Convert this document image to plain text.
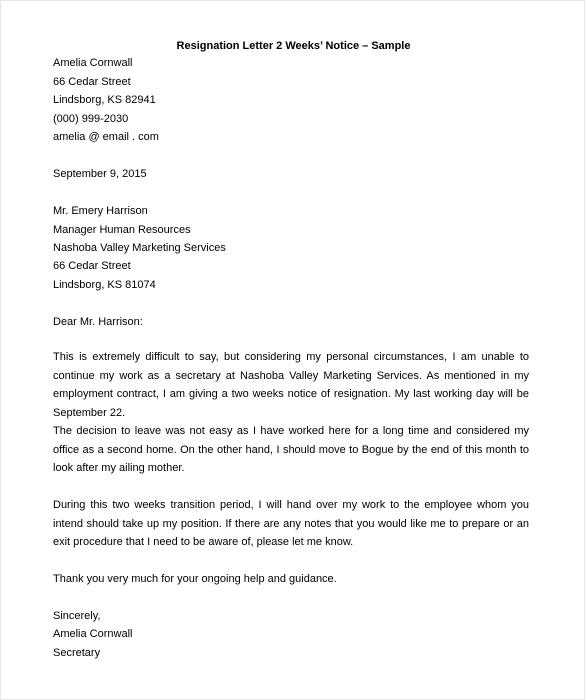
Resignation Letter 2 Weeks’ Notice – Sample
Amelia Cornwall
66 Cedar Street
Lindsborg, KS 82941
(000) 999-2030
amelia @ email . com
September 9, 2015
Mr. Emery Harrison
Manager Human Resources
Nashoba Valley Marketing Services
66 Cedar Street
Lindsborg, KS 81074
Dear Mr. Harrison:
This is extremely difficult to say, but considering my personal circumstances, I am unable to continue my work as a secretary at Nashoba Valley Marketing Services. As mentioned in my employment contract, I am giving a two weeks notice of resignation. My last working day will be September 22.
The decision to leave was not easy as I have worked here for a long time and considered my office as a second home. On the other hand, I should move to Bogue by the end of this month to look after my ailing mother.
During this two weeks transition period, I will hand over my work to the employee whom you intend should take up my position. If there are any notes that you would like me to prepare or an exit procedure that I need to be aware of, please let me know.
Thank you very much for your ongoing help and guidance.
Sincerely,
Amelia Cornwall
Secretary
